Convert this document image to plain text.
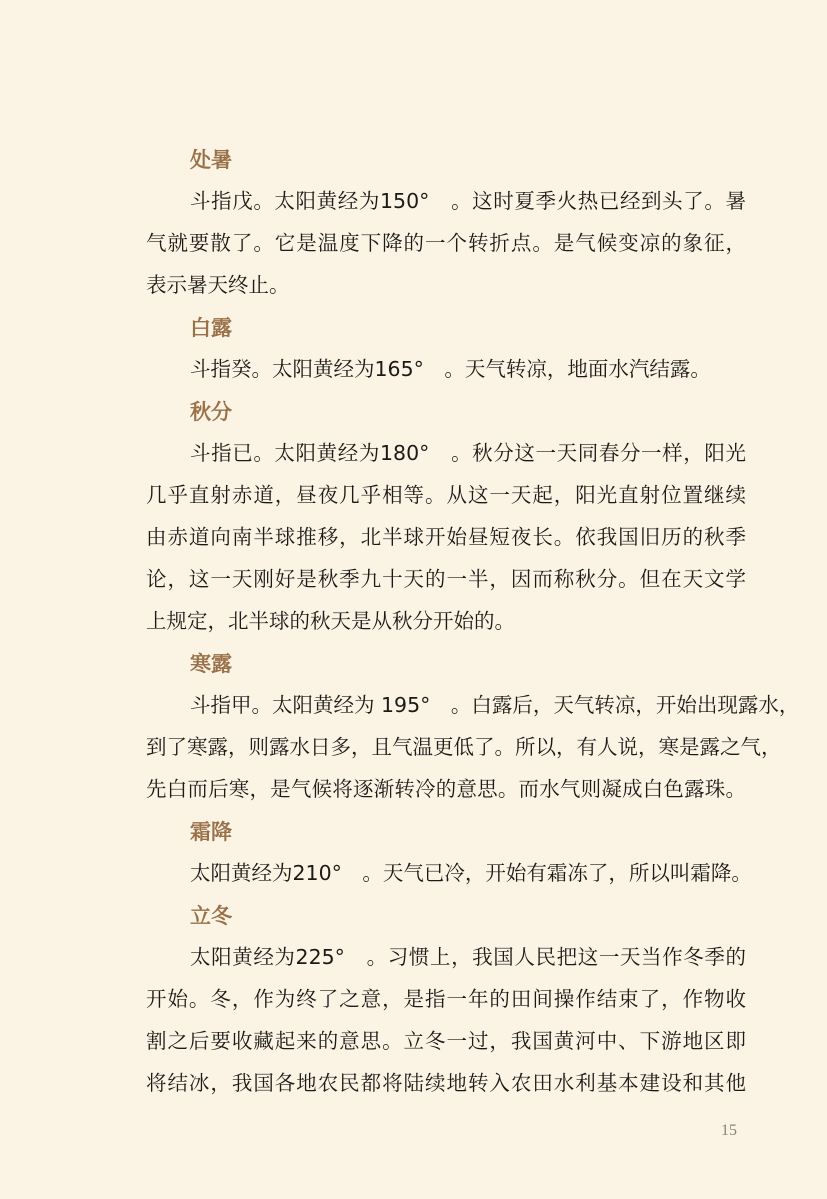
处暑
斗指戊。太阳黄经为150°　。这时夏季火热已经到头了。暑
气就要散了。它是温度下降的一个转折点。是气候变凉的象征，
表示暑天终止。
白露
斗指癸。太阳黄经为165°　。天气转凉，地面水汽结露。
秋分
斗指已。太阳黄经为180°　。秋分这一天同春分一样，阳光
几乎直射赤道，昼夜几乎相等。从这一天起，阳光直射位置继续
由赤道向南半球推移，北半球开始昼短夜长。依我国旧历的秋季
论，这一天刚好是秋季九十天的一半，因而称秋分。但在天文学
上规定，北半球的秋天是从秋分开始的。
寒露
斗指甲。太阳黄经为 195°　。白露后，天气转凉，开始出现露水，
到了寒露，则露水日多，且气温更低了。所以，有人说，寒是露之气，
先白而后寒，是气候将逐渐转冷的意思。而水气则凝成白色露珠。
霜降
太阳黄经为210°　。天气已冷，开始有霜冻了，所以叫霜降。
立冬
太阳黄经为225°　。习惯上，我国人民把这一天当作冬季的
开始。冬，作为终了之意，是指一年的田间操作结束了，作物收
割之后要收藏起来的意思。立冬一过，我国黄河中、下游地区即
将结冰，我国各地农民都将陆续地转入农田水利基本建设和其他
15
